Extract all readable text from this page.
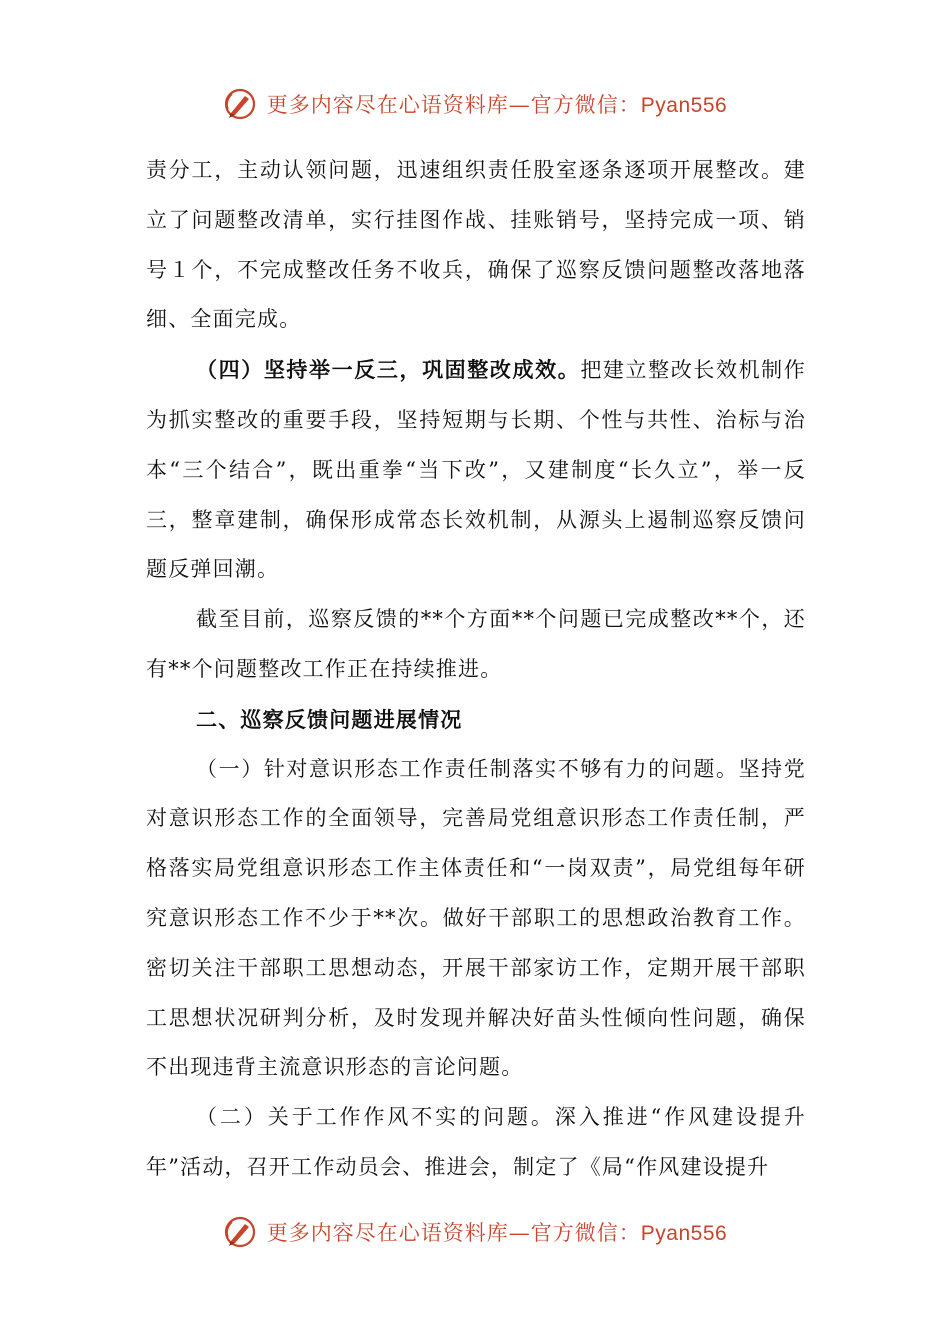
更多内容尽在心语资料库—官方微信：Pyan556

责分工，主动认领问题，迅速组织责任股室逐条逐项开展整改。建立了问题整改清单，实行挂图作战、挂账销号，坚持完成一项、销号１个，不完成整改任务不收兵，确保了巡察反馈问题整改落地落细、全面完成。

（四）坚持举一反三，巩固整改成效。把建立整改长效机制作为抓实整改的重要手段，坚持短期与长期、个性与共性、治标与治本“三个结合”，既出重拳“当下改”，又建制度“长久立”，举一反三，整章建制，确保形成常态长效机制，从源头上遏制巡察反馈问题反弹回潮。

截至目前，巡察反馈的**个方面**个问题已完成整改**个，还有**个问题整改工作正在持续推进。

二、巡察反馈问题进展情况

（一）针对意识形态工作责任制落实不够有力的问题。坚持党对意识形态工作的全面领导，完善局党组意识形态工作责任制，严格落实局党组意识形态工作主体责任和“一岗双责”，局党组每年研究意识形态工作不少于**次。做好干部职工的思想政治教育工作。密切关注干部职工思想动态，开展干部家访工作，定期开展干部职工思想状况研判分析，及时发现并解决好苗头性倾向性问题，确保不出现违背主流意识形态的言论问题。

（二）关于工作作风不实的问题。深入推进“作风建设提升年”活动，召开工作动员会、推进会，制定了《局“作风建设提升

更多内容尽在心语资料库—官方微信：Pyan556
